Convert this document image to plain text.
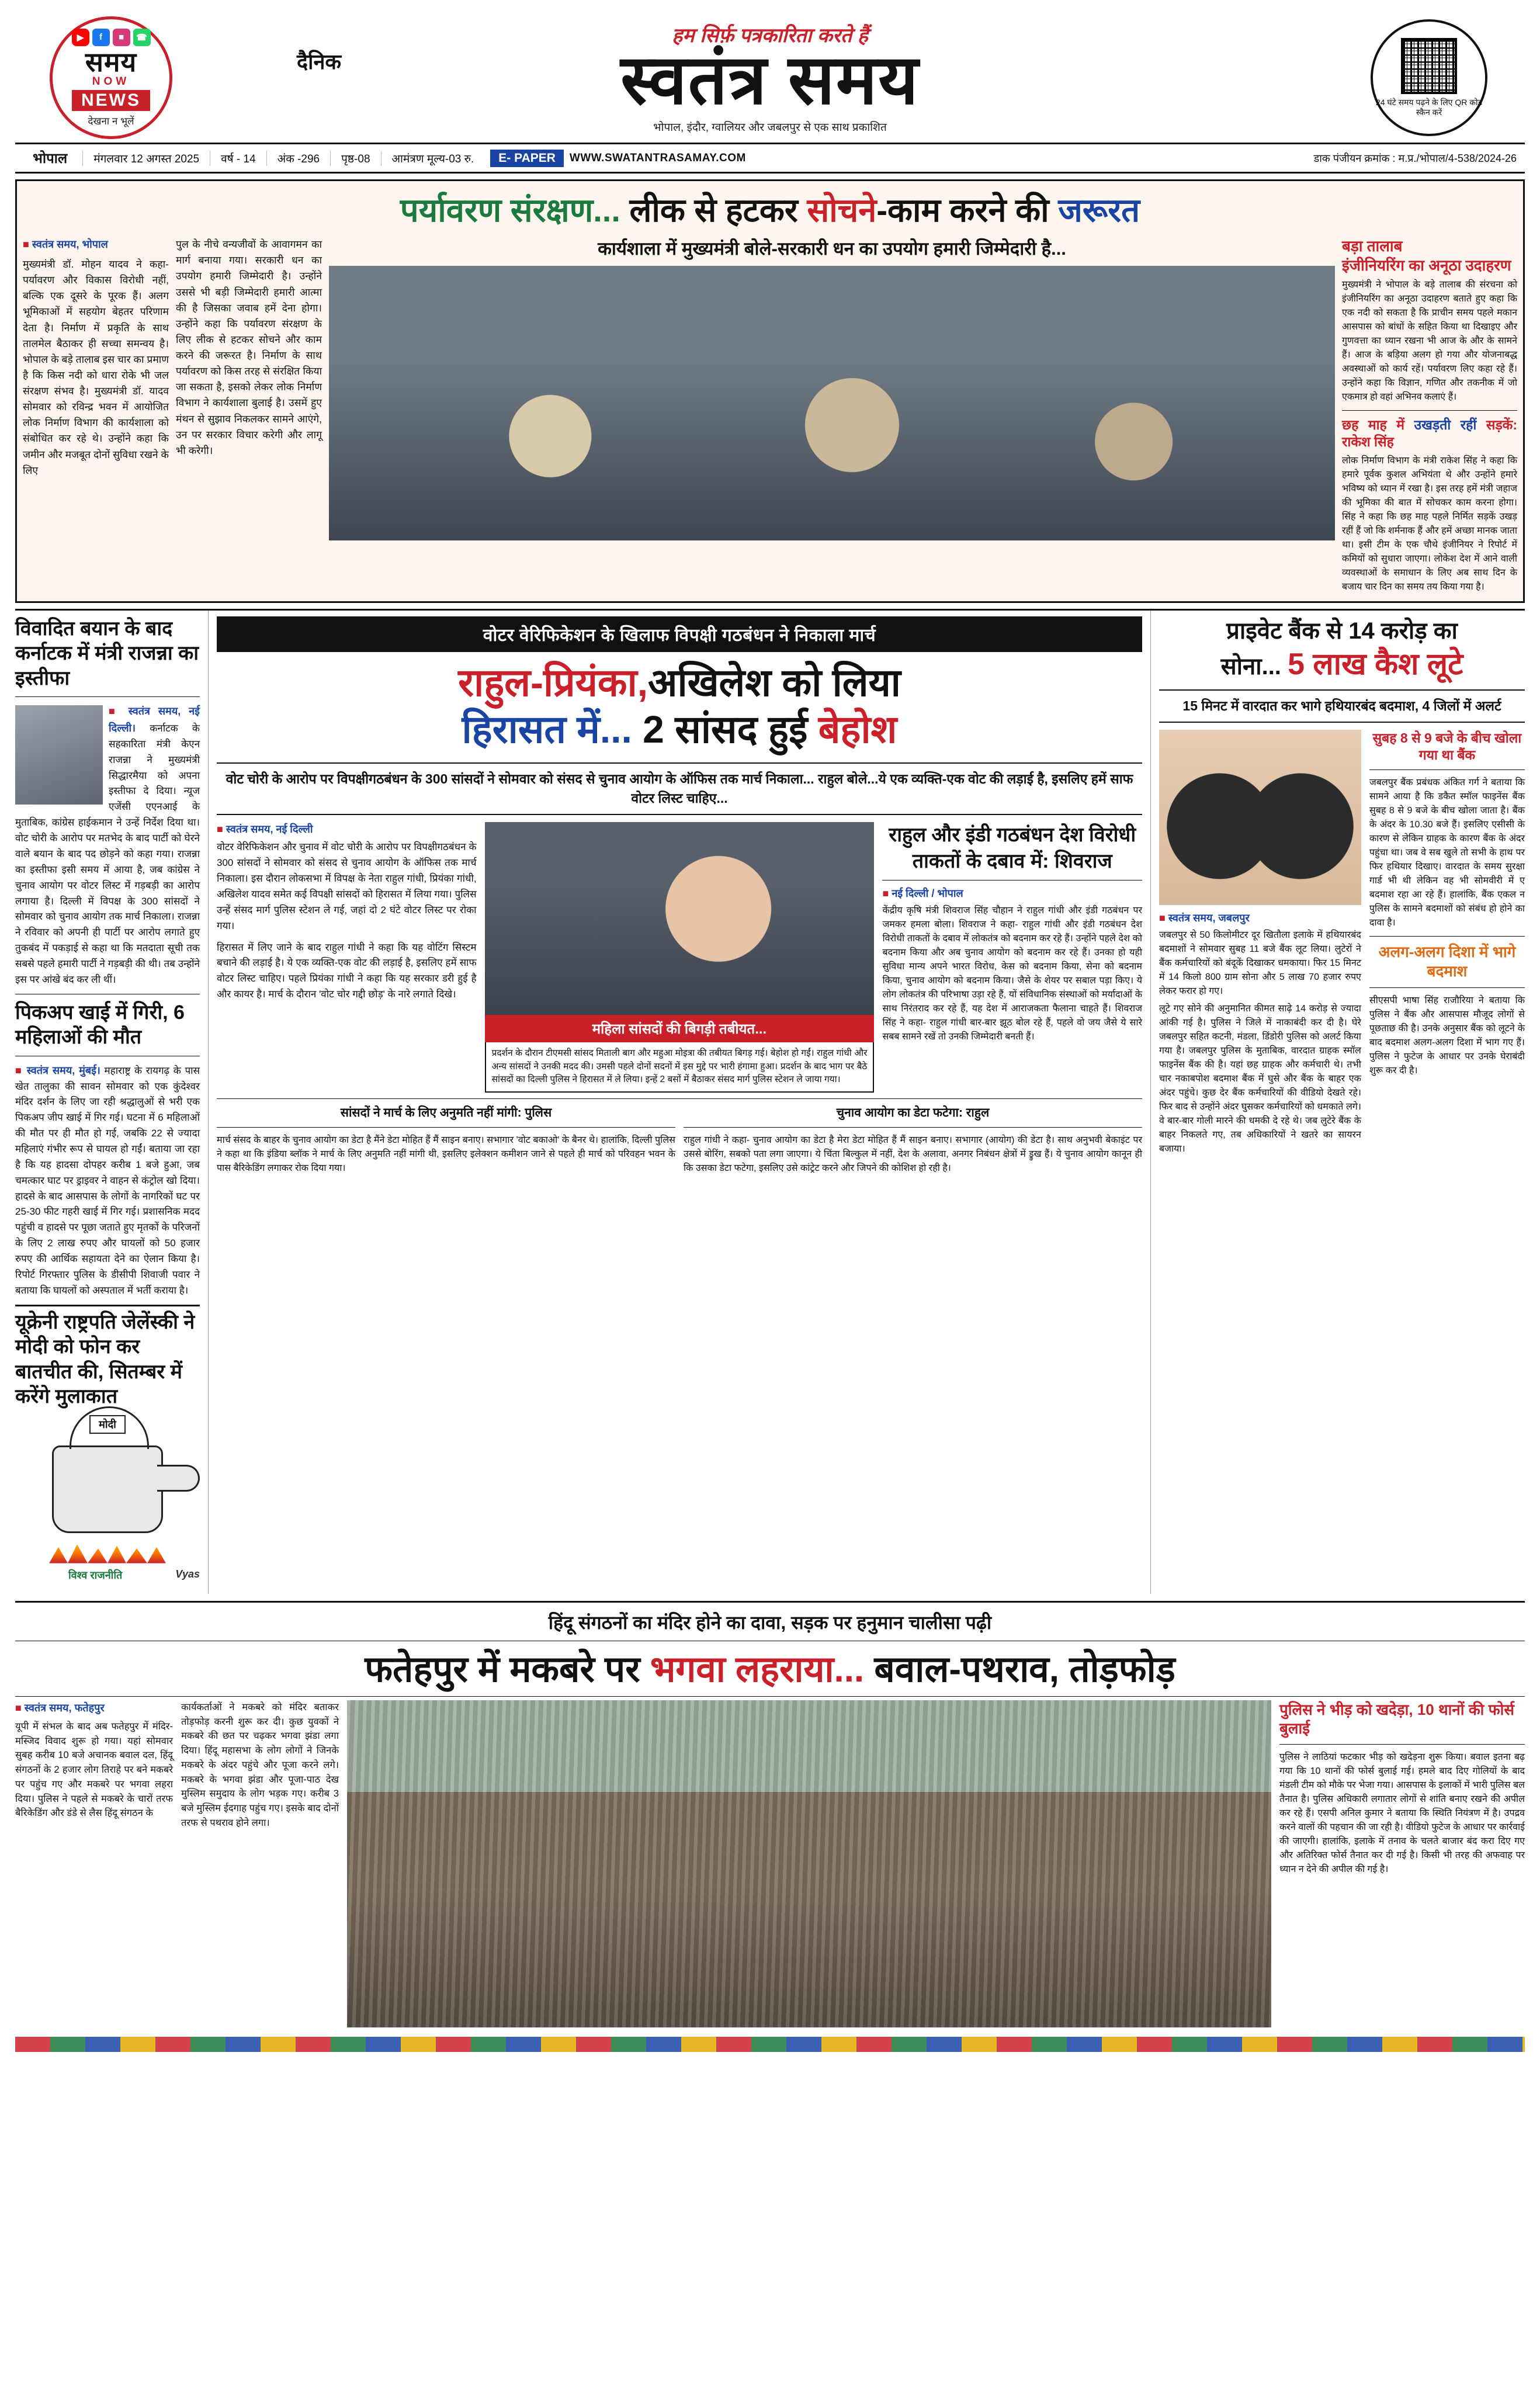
▶	f	■	☎
समय
NOW
NEWS
देखना न भूलें
हम सिर्फ़ पत्रकारिता करते हैं
दैनिक	स्वतंत्र समय
भोपाल, इंदौर, ग्वालियर और जबलपुर से एक साथ प्रकाशित
24 घंटे समय पढ़ने के लिए QR कोड स्कैन करें
भोपाल	मंगलवार 12 अगस्त 2025	वर्ष - 14	अंक -296	पृष्ठ-08	आमंत्रण मूल्य-03 रु.	E- PAPER	WWW.SWATANTRASAMAY.COM	डाक पंजीयन क्रमांक : म.प्र./भोपाल/4-538/2024-26
पर्यावरण संरक्षण... लीक से हटकर सोचने-काम करने की जरूरत
■ स्वतंत्र समय, भोपाल
मुख्यमंत्री डॉ. मोहन यादव ने कहा- पर्यावरण और विकास विरोधी नहीं, बल्कि एक दूसरे के पूरक हैं। अलग भूमिकाओं में सहयोग बेहतर परिणाम देता है। निर्माण में प्रकृति के साथ तालमेल बैठाकर ही सच्चा समन्वय है। भोपाल के बड़े तालाब इस चार का प्रमाण है कि किस नदी को धारा रोके भी जल संरक्षण संभव है। मुख्यमंत्री डॉ. यादव सोमवार को रविन्द्र भवन में आयोजित लोक निर्माण विभाग की कार्यशाला को संबोधित कर रहे थे। उन्होंने कहा कि जमीन और मजबूत दोनों सुविधा रखने के लिए
पुल के नीचे वन्यजीवों के आवागमन का मार्ग बनाया गया। सरकारी धन का उपयोग हमारी जिम्मेदारी है। उन्होंने उससे भी बड़ी जिम्मेदारी हमारी आत्मा की है जिसका जवाब हमें देना होगा। उन्होंने कहा कि पर्यावरण संरक्षण के लिए लीक से हटकर सोचने और काम करने की जरूरत है। निर्माण के साथ पर्यावरण को किस तरह से संरक्षित किया जा सकता है, इसको लेकर लोक निर्माण विभाग ने कार्यशाला बुलाई है। उसमें हुए मंथन से सुझाव निकलकर सामने आएंगे, उन पर सरकार विचार करेगी और लागू भी करेगी।
कार्यशाला में मुख्यमंत्री बोले-सरकारी धन का उपयोग हमारी जिम्मेदारी है...	बड़ा तालाब
इंजीनियरिंग का अनूठा उदाहरण
मुख्यमंत्री ने भोपाल के बड़े तालाब की संरचना को इंजीनियरिंग का अनूठा उदाहरण बताते हुए कहा कि एक नदी को सकता है कि प्राचीन समय पहले मकान आसपास को बांधों के सहित किया था दिखाइए और गुणवत्ता का ध्यान रखना भी आज के और के सामने हैं। आज के बड़िया अलग हो गया और योजनाबद्ध अवस्थाओं को कार्य रहें। पर्यावरण लिए कहा रहे हैं। उन्होंने कहा कि विज्ञान, गणित और तकनीक में जो एकमात्र हो वहां अभिनव कलाएं हैं।
छह माह में उखड़ती रहीं सड़कें: राकेश सिंह
लोक निर्माण विभाग के मंत्री राकेश सिंह ने कहा कि हमारे पूर्वक कुशल अभियंता थे और उन्होंने हमारे भविष्य को ध्यान में रखा है। इस तरह हमें मंत्री जहाज की भूमिका की बात में सोचकर काम करना होगा। सिंह ने कहा कि छह माह पहले निर्मित सड़कें उखड़ रहीं हैं जो कि शर्मनाक हैं और हमें अच्छा मानक जाता था। इसी टीम के एक चौथे इंजीनियर ने रिपोर्ट में कमियों को सुधारा जाएगा। लोकेश देश में आने वाली व्यवस्थाओं के समाधान के लिए अब साथ दिन के बजाय चार दिन का समय तय किया गया है।
विवादित बयान के बाद कर्नाटक में मंत्री राजन्ना का इस्तीफा
■ स्वतंत्र समय, नई दिल्ली। कर्नाटक के सहकारिता मंत्री केएन राजन्ना ने मुख्यमंत्री सिद्धारमैया को अपना इस्तीफा दे दिया। न्यूज एजेंसी एएनआई के मुताबिक, कांग्रेस हाईकमान ने उन्हें निर्देश दिया था। वोट चोरी के आरोप पर मतभेद के बाद पार्टी को घेरने वाले बयान के बाद पद छोड़ने को कहा गया। राजन्ना का इस्तीफा इसी समय में आया है, जब कांग्रेस ने चुनाव आयोग पर वोटर लिस्ट में गड़बड़ी का आरोप लगाया है। दिल्ली में विपक्ष के 300 सांसदों ने सोमवार को चुनाव आयोग तक मार्च निकाला। राजन्ना ने रविवार को अपनी ही पार्टी पर आरोप लगाते हुए तुकबंद में पकड़ाई से कहा था कि मतदाता सूची तक सबसे पहले हमारी पार्टी ने गड़बड़ी की थी। तब उन्होंने इस पर आंखे बंद कर ली थीं।
पिकअप खाई में गिरी, 6 महिलाओं की मौत
■ स्वतंत्र समय, मुंबई। महाराष्ट्र के रायगढ़ के पास खेत तालुका की सावन सोमवार को एक कुंदेश्वर मंदिर दर्शन के लिए जा रही श्रद्धालुओं से भरी एक पिकअप जीप खाई में गिर गई। घटना में 6 महिलाओं की मौत पर ही मौत हो गई, जबकि 22 से ज्यादा महिलाएं गंभीर रूप से घायल हो गईं। बताया जा रहा है कि यह हादसा दोपहर करीब 1 बजे हुआ, जब चमत्कार घाट पर ड्राइवर ने वाहन से कंट्रोल खो दिया। हादसे के बाद आसपास के लोगों के नागरिकों घट पर 25-30 फीट गहरी खाई में गिर गई। प्रशासनिक मदद पहुंची व हादसे पर पूछा जताते हुए मृतकों के परिजनों के लिए 2 लाख रुपए और घायलों को 50 हजार रुपए की आर्थिक सहायता देने का ऐलान किया है। रिपोर्ट गिरफ्तार पुलिस के डीसीपी शिवाजी पवार ने बताया कि घायलों को अस्पताल में भर्ती कराया है।
यूक्रेनी राष्ट्रपति जेलेंस्की ने मोदी को फोन कर बातचीत की, सितम्बर में करेंगे मुलाकात
विश्व राजनीति	Vyas
वोटर वेरिफिकेशन के खिलाफ विपक्षी गठबंधन ने निकाला मार्च
राहुल-प्रियंका,अखिलेश को लिया
हिरासत में... 2 सांसद हुई बेहोश
वोट चोरी के आरोप पर विपक्षीगठबंधन के 300 सांसदों ने सोमवार को संसद से चुनाव आयोग के ऑफिस तक मार्च निकाला... राहुल बोले...ये एक व्यक्ति-एक वोट की लड़ाई है, इसलिए हमें साफ वोटर लिस्ट चाहिए...
■ स्वतंत्र समय, नई दिल्ली
वोटर वेरिफिकेशन और चुनाव में वोट चोरी के आरोप पर विपक्षीगठबंधन के 300 सांसदों ने सोमवार को संसद से चुनाव आयोग के ऑफिस तक मार्च निकाला। इस दौरान लोकसभा में विपक्ष के नेता राहुल गांधी, प्रियंका गांधी, अखिलेश यादव समेत कई विपक्षी सांसदों को हिरासत में लिया गया। पुलिस उन्हें संसद मार्ग पुलिस स्टेशन ले गई, जहां दो 2 घंटे वोटर लिस्ट पर रोका गया।
हिरासत में लिए जाने के बाद राहुल गांधी ने कहा कि यह वोटिंग सिस्टम बचाने की लड़ाई है। ये एक व्यक्ति-एक वोट की लड़ाई है, इसलिए हमें साफ वोटर लिस्ट चाहिए। पहले प्रियंका गांधी ने कहा कि यह सरकार डरी हुई है और कायर है। मार्च के दौरान 'वोट चोर गद्दी छोड़' के नारे लगाते दिखे।
महिला सांसदों की बिगड़ी तबीयत...
प्रदर्शन के दौरान टीएमसी सांसद मिताली बाग और महुआ मोइत्रा की तबीयत बिगड़ गई। बेहोश हो गईं। राहुल गांधी और अन्य सांसदों ने उनकी मदद की। उमसी पहले दोनों सदनों में इस मुद्दे पर भारी हंगामा हुआ। प्रदर्शन के बाद भाग पर बैठे सांसदों का दिल्ली पुलिस ने हिरासत में ले लिया। इन्हें 2 बसों में बैठाकर संसद मार्ग पुलिस स्टेशन ले जाया गया।
राहुल और इंडी गठबंधन देश विरोधी ताकतों के दबाव में: शिवराज
■ नई दिल्ली / भोपाल
केंद्रीय कृषि मंत्री शिवराज सिंह चौहान ने राहुल गांधी और इंडी गठबंधन पर जमकर हमला बोला। शिवराज ने कहा- राहुल गांधी और इंडी गठबंधन देश विरोधी ताकतों के दबाव में लोकतंत्र को बदनाम कर रहे हैं। उन्होंने पहले देश को बदनाम किया और अब चुनाव आयोग को बदनाम कर रहे हैं। उनका हो यही सुविधा मान्य अपने भारत विरोध, केस को बदनाम किया, सेना को बदनाम किया, चुनाव आयोग को बदनाम किया। जैसे के शेयर पर सबाल पड़ा किए। ये लोग लोकतंत्र की परिभाषा उड़ा रहे हैं, यों संविधानिक संस्थाओं को मर्यादाओं के साथ निरंतराद कर रहे हैं, यह देश में आराजकता फैलाना चाहते हैं। शिवराज सिंह ने कहा- राहुल गांधी बार-बार झूठ बोल रहे हैं, पहले वो जय जैसे ये सारे सबब सामने रखें तो उनकी जिम्मेदारी बनती हैं।
सांसदों ने मार्च के लिए अनुमति नहीं मांगी: पुलिस
मार्च संसद के बाहर के चुनाव आयोग का डेटा है मैंने डेटा मोहित हैं मैं साइन बनाए। सभागार 'वोट बकाओ' के बैनर थे। हालांकि, दिल्ली पुलिस ने कहा था कि इंडिया ब्लॉक ने मार्च के लिए अनुमति नहीं मांगी थी, इसलिए इलेक्शन कमीशन जाने से पहले ही मार्च को परिवहन भवन के पास बैरिकेडिंग लगाकर रोक दिया गया।
चुनाव आयोग का डेटा फटेगा: राहुल
राहुल गांधी ने कहा- चुनाव आयोग का डेटा है मेरा डेटा मोहित हैं मैं साइन बनाए। सभागार (आयोग) की डेटा है। साथ अनुभवी बेकाइंट पर उससे बोरिंग, सबको पता लगा जाएगा। ये चिंता बिल्कुल में नहीं, देश के अलावा, अनगर निबंधन क्षेत्रों में ड्रुख हैं। ये चुनाव आयोग कानून ही कि उसका डेटा फटेगा, इसलिए उसे कांट्रेट करने और जिपने की कोशिश हो रही है।
प्राइवेट बैंक से 14 करोड़ का
सोना... 5 लाख कैश लूटे
15 मिनट में वारदात कर भागे हथियारबंद बदमाश, 4 जिलों में अलर्ट
■ स्वतंत्र समय, जबलपुर
जबलपुर से 50 किलोमीटर दूर खितौला इलाके में हथियारबंद बदमाशों ने सोमवार सुबह 11 बजे बैंक लूट लिया। लुटेरों ने बैंक कर्मचारियों को बंदूकें दिखाकर धमकाया। फिर 15 मिनट में 14 किलो 800 ग्राम सोना और 5 लाख 70 हजार रुपए लेकर फरार हो गए।
लूटे गए सोने की अनुमानित कीमत साढ़े 14 करोड़ से ज्यादा आंकी गई है। पुलिस ने जिले में नाकाबंदी कर दी है। घेरे जबलपुर सहित कटनी, मंडला, डिंडोरी पुलिस को अलर्ट किया गया है। जबलपुर पुलिस के मुताबिक, वारदात ग्राहक स्मॉल फाइनेंस बैंक की है। यहां छह ग्राहक और कर्मचारी थे। तभी चार नकाबपोश बदमाश बैंक में घुसे और बैंक के बाहर एक अंदर पहुंचे। कुछ देर बैंक कर्मचारियों की वीडियो देखते रहे। फिर बाद से उन्होंने अंदर घुसकर कर्मचारियों को धमकाते लगे। वे बार-बार गोली मारने की धमकी दे रहे थे। जब लुटेरे बैंक के बाहर निकलते गए, तब अधिकारियों ने खतरे का सायरन बजाया।
सुबह 8 से 9 बजे के बीच खोला गया था बैंक
जबलपुर बैंक प्रबंधक अंकित गर्ग ने बताया कि सामने आया है कि डकैत स्मॉल फाइनेंस बैंक सुबह 8 से 9 बजे के बीच खोला जाता है। बैंक के अंदर के 10.30 बजे हैं। इसलिए एसीसी के कारण से लेकिन ग्राहक के कारण बैंक के अंदर पहुंचा था। जब वे सब खुले तो सभी के हाथ पर फिर हथियार दिखाए। वारदात के समय सुरक्षा गार्ड भी थी लेकिन वह भी सोमवीरी में ए बदमाश रहा आ रहे हैं। हालांकि, बैंक एकल न पुलिस के सामने बदमाशों को संबंध हो होने का दावा है।
अलग-अलग दिशा में भागे बदमाश
सीएसपी भाषा सिंह राजौरिया ने बताया कि पुलिस ने बैंक और आसपास मौजूद लोगों से पूछताछ की है। उनके अनुसार बैंक को लूटने के बाद बदमाश अलग-अलग दिशा में भाग गए हैं। पुलिस ने फुटेज के आधार पर उनके घेराबंदी शुरू कर दी है।
हिंदू संगठनों का मंदिर होने का दावा, सड़क पर हनुमान चालीसा पढ़ी
फतेहपुर में मकबरे पर भगवा लहराया... बवाल-पथराव, तोड़फोड़
■ स्वतंत्र समय, फतेहपुर
यूपी में संभल के बाद अब फतेहपुर में मंदिर-मस्जिद विवाद शुरू हो गया। यहां सोमवार सुबह करीब 10 बजे अचानक बवाल दल, हिंदू संगठनों के 2 हजार लोग तिराहे पर बने मकबरे पर पहुंच गए और मकबरे पर भगवा लहरा दिया। पुलिस ने पहले से मकबरे के चारों तरफ बैरिकेडिंग और डंडे से लैस हिंदू संगठन के
कार्यकर्ताओं ने मकबरे को मंदिर बताकर तोड़फोड़ करनी शुरू कर दी। कुछ युवकों ने मकबरे की छत पर चढ़कर भगवा झंडा लगा दिया। हिंदू महासभा के लोग लोगों ने जिनके मकबरे के अंदर पहुंचे और पूजा करने लगे। मकबरे के भगवा झंडा और पूजा-पाठ देख मुस्लिम समुदाय के लोग भड़क गए। करीब 3 बजे मुस्लिम ईदगाह पहुंच गए। इसके बाद दोनों तरफ से पथराव होने लगा।
पुलिस ने भीड़ को खदेड़ा, 10 थानों की फोर्स बुलाई
पुलिस ने लाठियां फटकार भीड़ को खदेड़ना शुरू किया। बवाल इतना बढ़ गया कि 10 थानों की फोर्स बुलाई गई। हमले बाद दिए गोलियों के बाद मंडली टीम को मौके पर भेजा गया। आसपास के इलाकों में भारी पुलिस बल तैनात है। पुलिस अधिकारी लगातार लोगों से शांति बनाए रखने की अपील कर रहे हैं। एसपी अनिल कुमार ने बताया कि स्थिति नियंत्रण में है। उपद्रव करने वालों की पहचान की जा रही है। वीडियो फुटेज के आधार पर कार्रवाई की जाएगी। हालांकि, इलाके में तनाव के चलते बाजार बंद करा दिए गए और अतिरिक्त फोर्स तैनात कर दी गई है। किसी भी तरह की अफवाह पर ध्यान न देने की अपील की गई है।
